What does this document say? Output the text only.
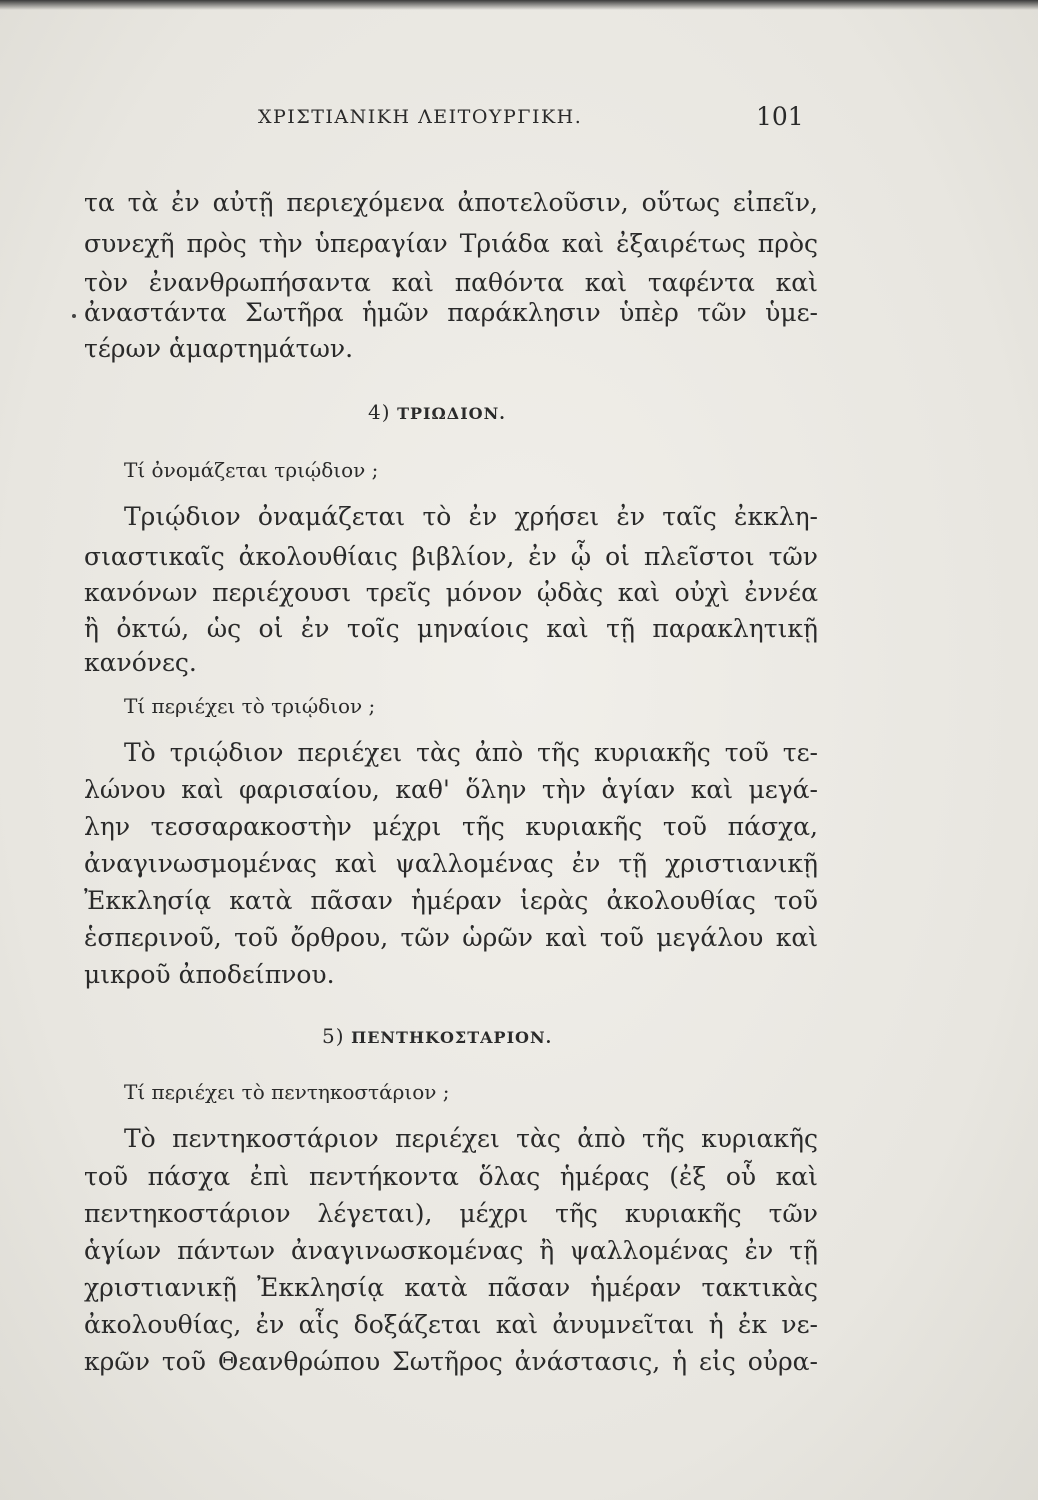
ΧΡΙΣΤΙΑΝΙΚΗ ΛΕΙΤΟΥΡΓΙΚΗ.	101
τα τὰ ἐν αὐτῇ περιεχόμενα ἀποτελοῦσιν, οὕτως εἰπεῖν,
συνεχῆ πρὸς τὴν ὑπεραγίαν Τριάδα καὶ ἐξαιρέτως πρὸς
τὸν ἐνανθρωπήσαντα καὶ παθόντα καὶ ταφέντα καὶ
ἀναστάντα Σωτῆρα ἡμῶν παράκλησιν ὑπὲρ τῶν ὑμε-
τέρων ἁμαρτημάτων.
4) ΤΡΙΩΔΙΟΝ.
Τί ὀνομάζεται τριῴδιον ;
Τριῴδιον ὀναμάζεται τὸ ἐν χρήσει ἐν ταῖς ἐκκλη-
σιαστικαῖς ἀκολουθίαις βιβλίον, ἐν ᾧ οἱ πλεῖστοι τῶν
κανόνων περιέχουσι τρεῖς μόνον ᾠδὰς καὶ οὐχὶ ἐννέα
ἢ ὀκτώ, ὡς οἱ ἐν τοῖς μηναίοις καὶ τῇ παρακλητικῇ
κανόνες.
Τί περιέχει τὸ τριῴδιον ;
Τὸ τριῴδιον περιέχει τὰς ἀπὸ τῆς κυριακῆς τοῦ τε-
λώνου καὶ φαρισαίου, καθ' ὅλην τὴν ἁγίαν καὶ μεγά-
λην τεσσαρακοστὴν μέχρι τῆς κυριακῆς τοῦ πάσχα,
ἀναγινωσμομένας καὶ ψαλλομένας ἐν τῇ χριστιανικῇ
Ἐκκλησίᾳ κατὰ πᾶσαν ἡμέραν ἱερὰς ἀκολουθίας τοῦ
ἑσπερινοῦ, τοῦ ὄρθρου, τῶν ὡρῶν καὶ τοῦ μεγάλου καὶ
μικροῦ ἀποδείπνου.
5) ΠΕΝΤΗΚΟΣΤΑΡΙΟΝ.
Τί περιέχει τὸ πεντηκοστάριον ;
Τὸ πεντηκοστάριον περιέχει τὰς ἀπὸ τῆς κυριακῆς
τοῦ πάσχα ἐπὶ πεντήκοντα ὅλας ἡμέρας (ἐξ οὗ καὶ
πεντηκοστάριον λέγεται), μέχρι τῆς κυριακῆς τῶν
ἁγίων πάντων ἀναγινωσκομένας ἢ ψαλλομένας ἐν τῇ
χριστιανικῇ Ἐκκλησίᾳ κατὰ πᾶσαν ἡμέραν τακτικὰς
ἀκολουθίας, ἐν αἷς δοξάζεται καὶ ἀνυμνεῖται ἡ ἐκ νε-
κρῶν τοῦ Θεανθρώπου Σωτῆρος ἀνάστασις, ἡ εἰς οὐρα-
